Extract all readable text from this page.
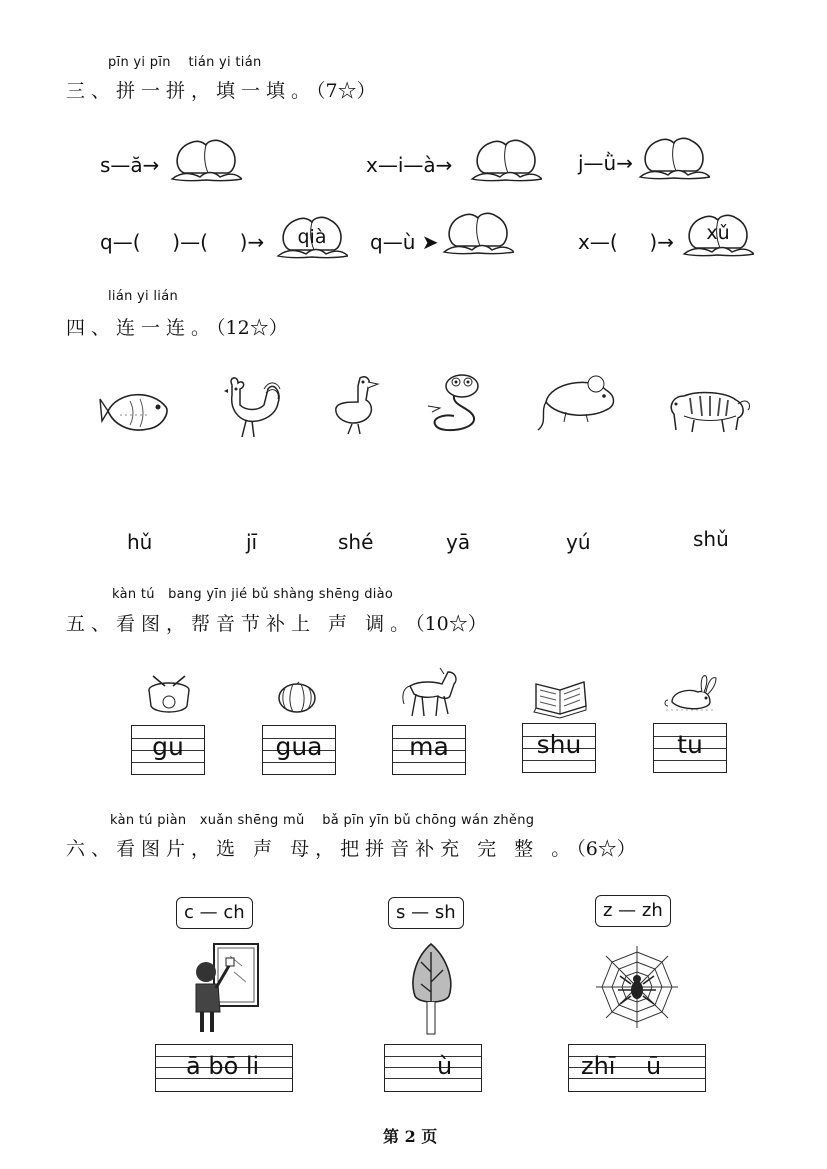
pīn yi pīn    tián yi tián
三、拼一拼，填一填。（7☆）
s—ă→	x—i—à→	j—ǜ→
q—(     )—(     )→	qià	q—ù ➤	x—(     )→	xǔ
lián yi lián
四、连一连。（12☆）
hǔ	jī	shé	yā	yú	shǔ
kàn tú   bang yīn jié bǔ shàng shēng diào
五、看图，帮音节补上 声 调。（10☆）
gu	gua	ma	shu	tu
kàn tú piàn   xuǎn shēng mǔ    bǎ pīn yīn bǔ chōng wán zhěng
六、看图片，选 声 母，把拼音补充 完 整 。（6☆）
c — ch	s — sh	z — zh
ā bō li	ù	zhī    ū
第 2 页
